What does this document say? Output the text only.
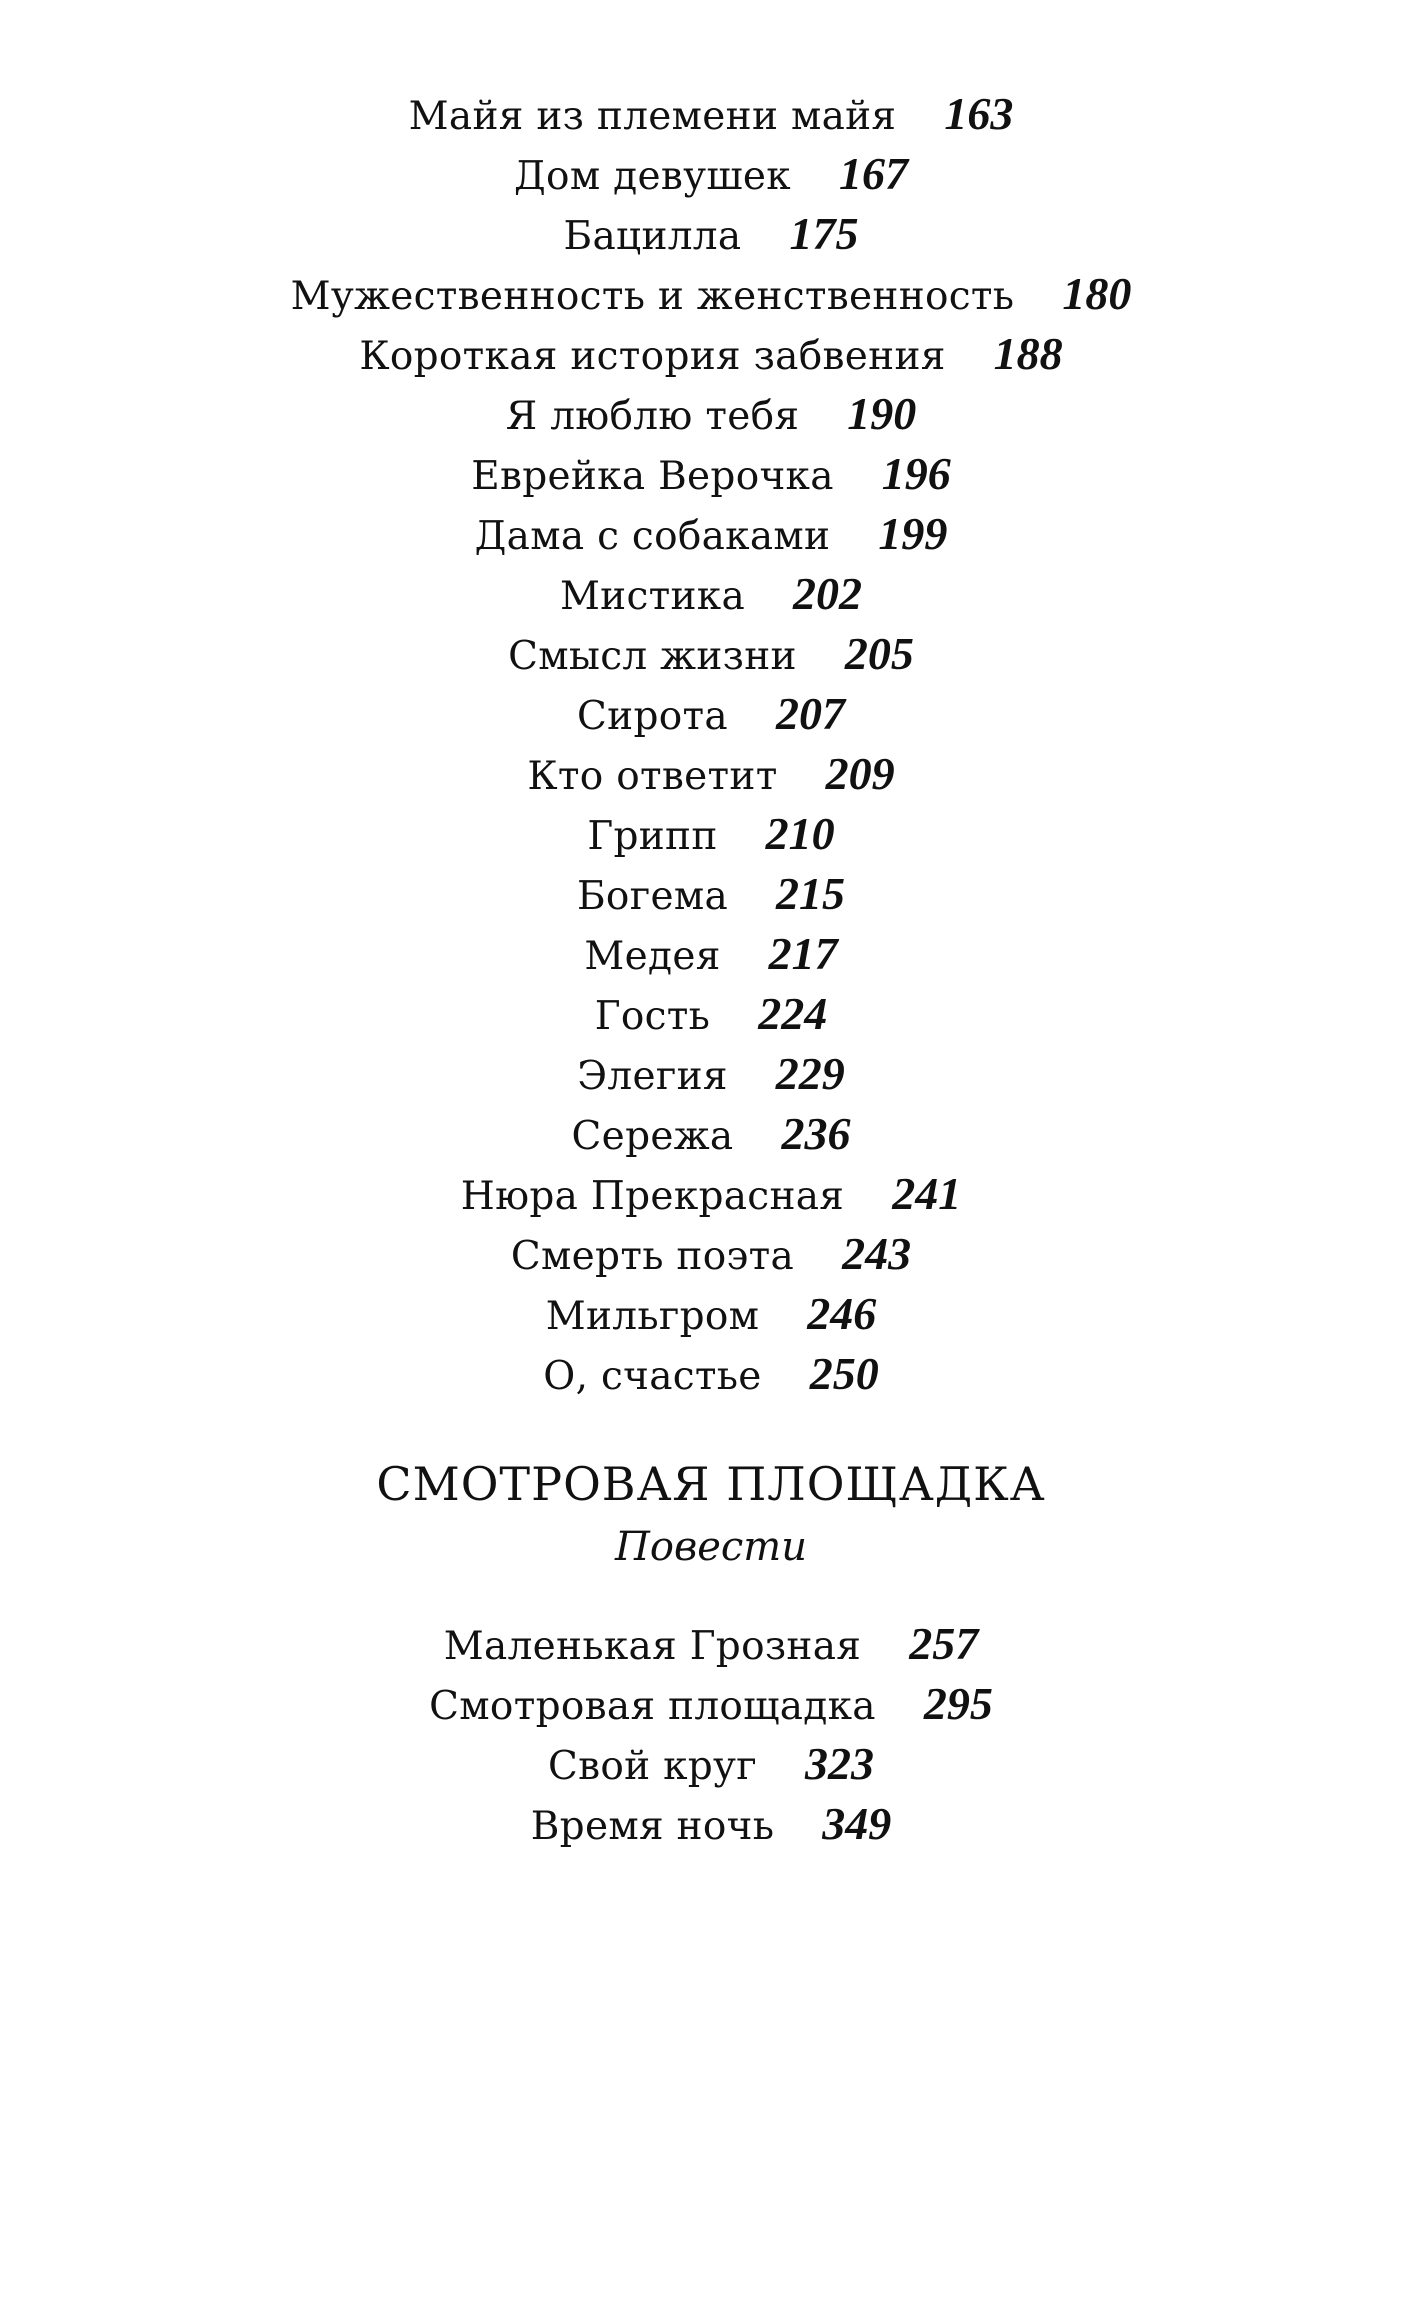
Майя из племени майя 163
Дом девушек 167
Бацилла 175
Мужественность и женственность 180
Короткая история забвения 188
Я люблю тебя 190
Еврейка Верочка 196
Дама с собаками 199
Мистика 202
Смысл жизни 205
Сирота 207
Кто ответит 209
Грипп 210
Богема 215
Медея 217
Гость 224
Элегия 229
Сережа 236
Нюра Прекрасная 241
Смерть поэта 243
Мильгром 246
О, счастье 250
СМОТРОВАЯ ПЛОЩАДКА
Повести
Маленькая Грозная 257
Смотровая площадка 295
Свой круг 323
Время ночь 349
